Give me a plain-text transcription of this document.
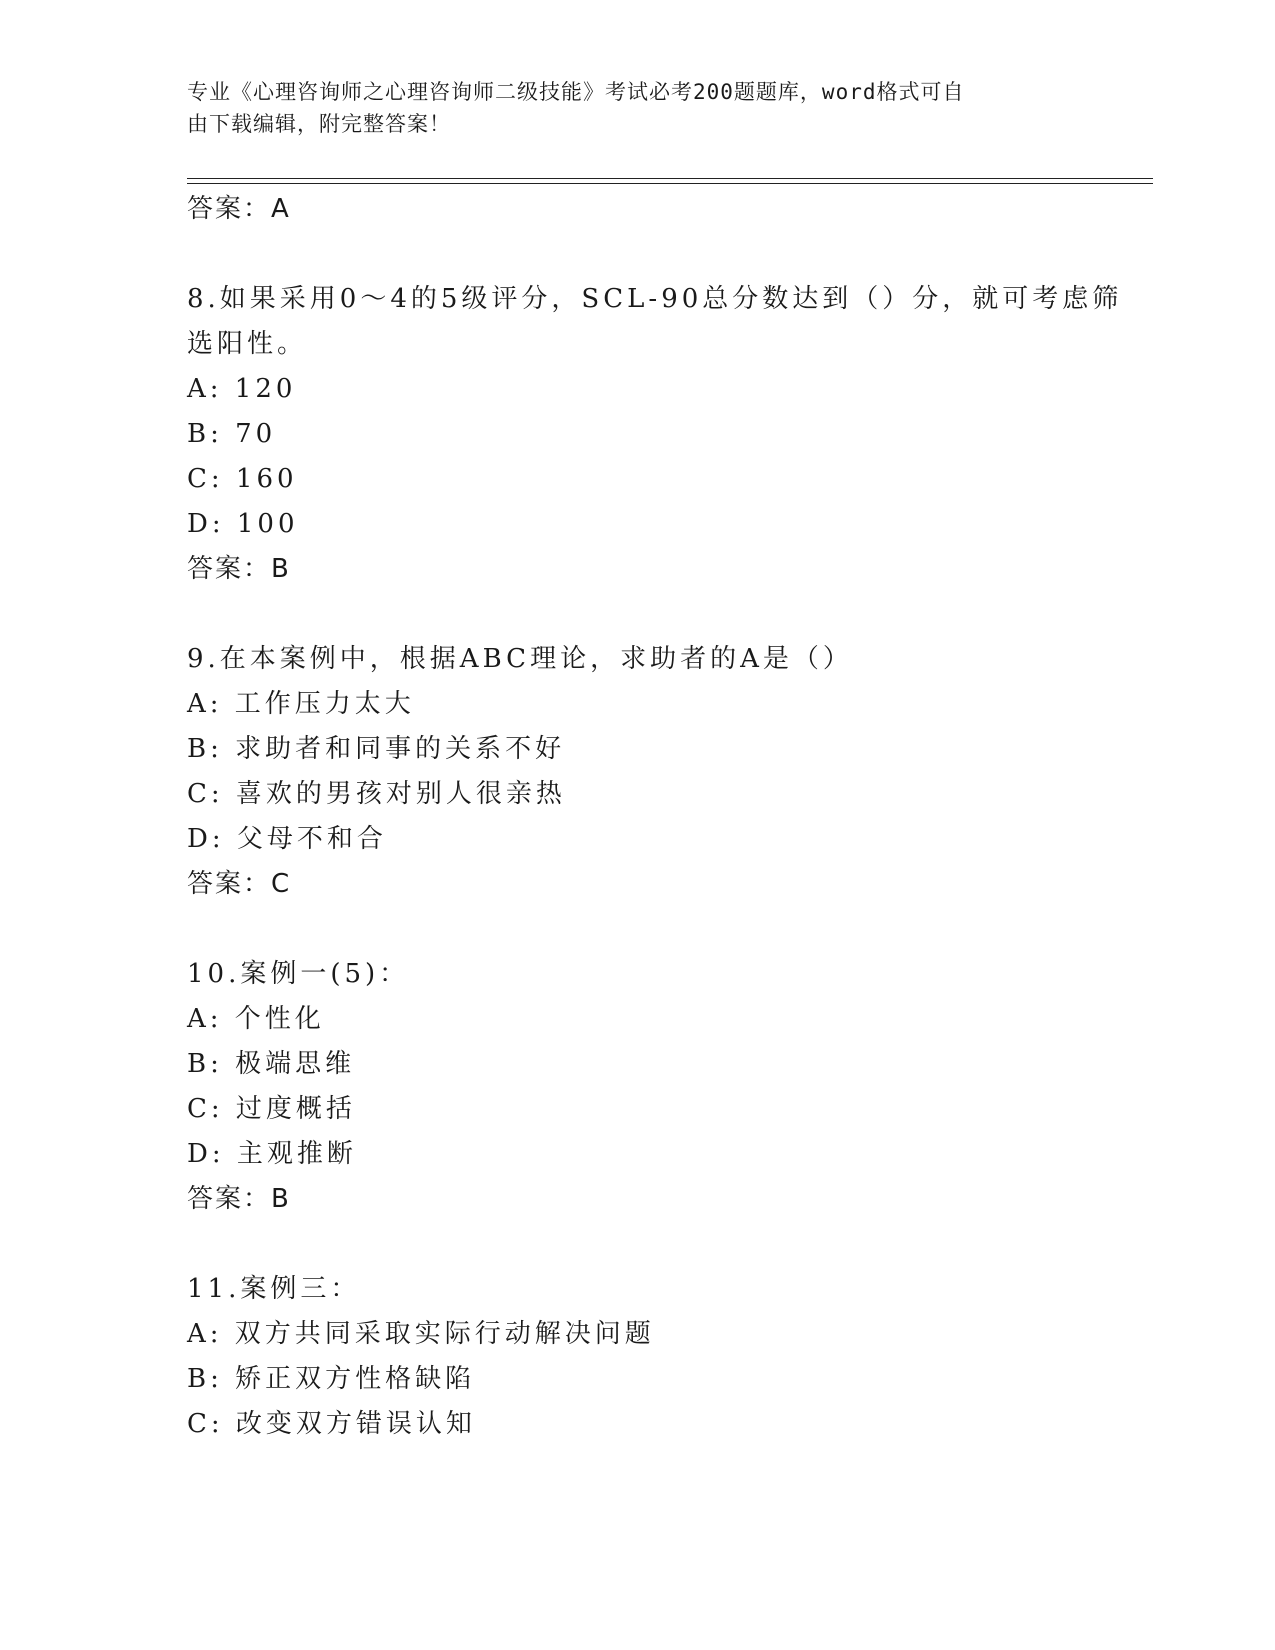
专业《心理咨询师之心理咨询师二级技能》考试必考200题题库，word格式可自
由下载编辑，附完整答案！
答案：A
8.如果采用0～4的5级评分，SCL-90总分数达到（）分，就可考虑筛
选阳性。
A: 120
B: 70
C: 160
D: 100
答案：B
9.在本案例中，根据ABC理论，求助者的A是（）
A: 工作压力太大
B: 求助者和同事的关系不好
C: 喜欢的男孩对别人很亲热
D: 父母不和合
答案：C
10.案例一(5)：
A: 个性化
B: 极端思维
C: 过度概括
D: 主观推断
答案：B
11.案例三：
A: 双方共同采取实际行动解决问题
B: 矫正双方性格缺陷
C: 改变双方错误认知
